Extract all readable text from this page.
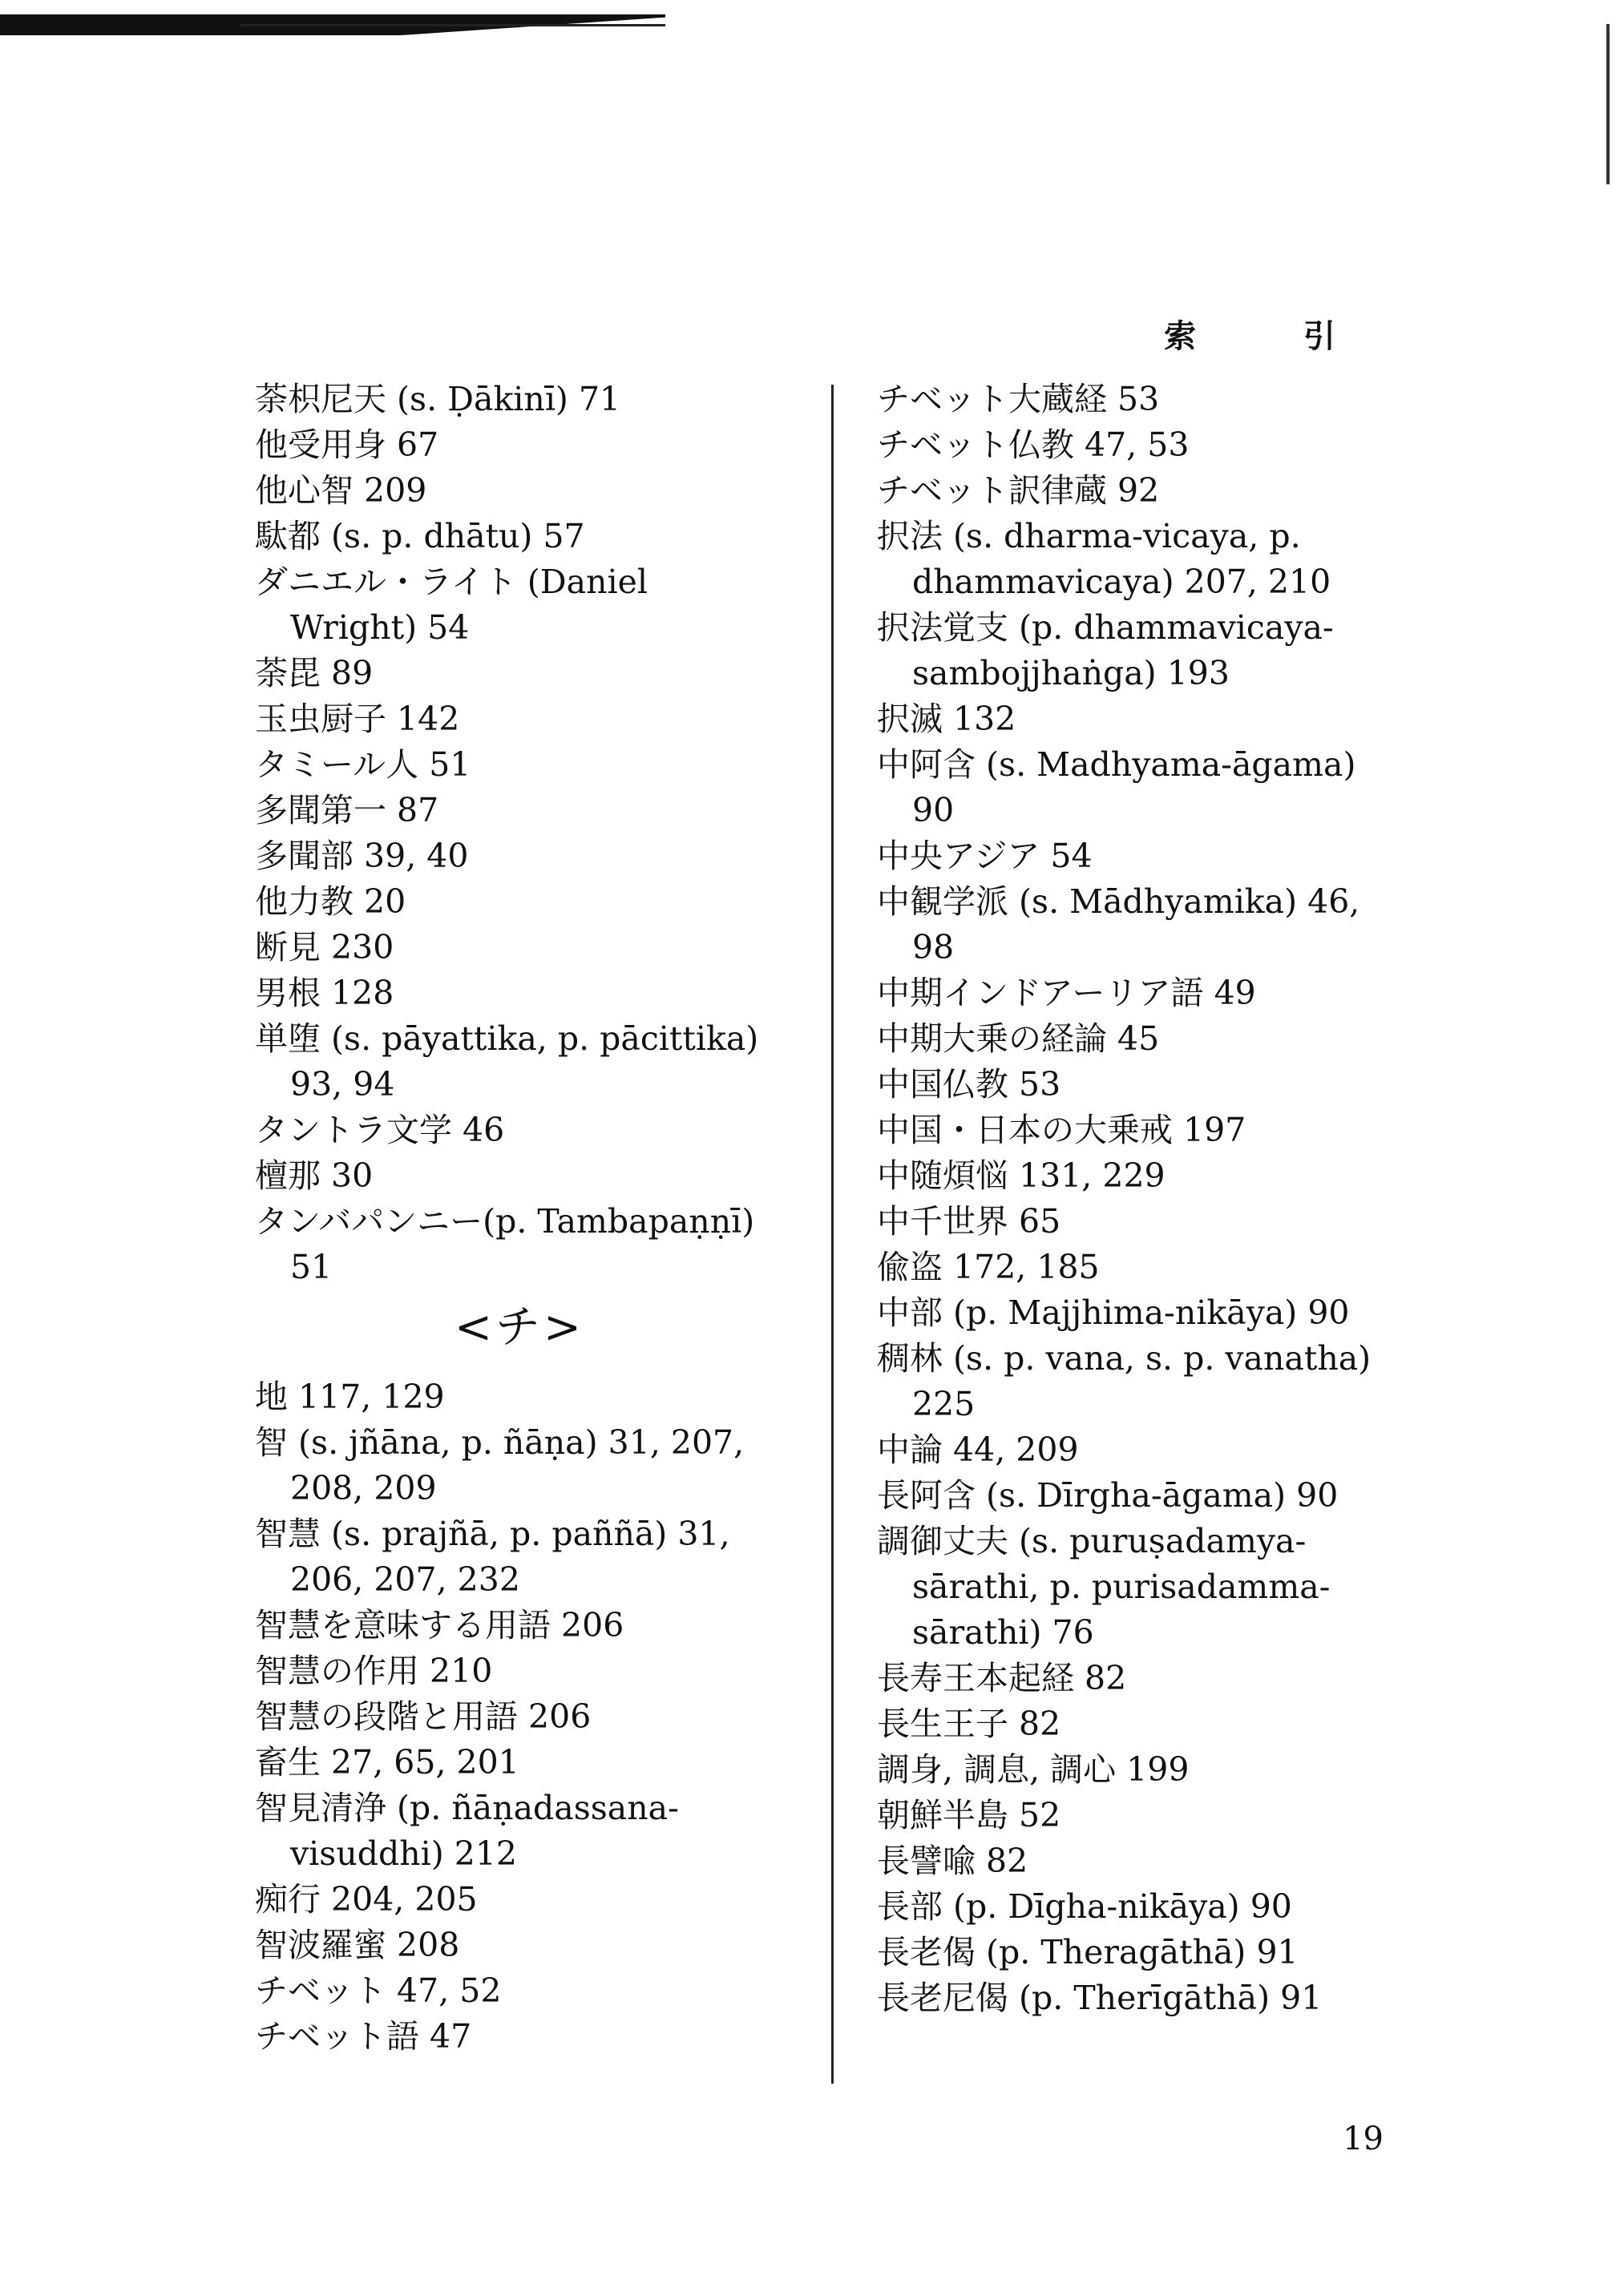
索 引

荼枳尼天 (s. Ḍākinī) 71

他受用身 67

他心智 209

駄都 (s. p. dhātu) 57

ダニエル・ライト (Daniel Wright) 54

荼毘 89

玉虫厨子 142

タミール人 51

多聞第一 87

多聞部 39, 40

他力教 20

断見 230

男根 128

単堕 (s. pāyattika, p. pācittika) 93, 94

タントラ文学 46

檀那 30

タンバパンニー(p. Tambapaṇṇī) 51

<チ>

地 117, 129

智 (s. jñāna, p. ñāṇa) 31, 207, 208, 209

智慧 (s. prajñā, p. paññā) 31, 206, 207, 232

智慧を意味する用語 206

智慧の作用 210

智慧の段階と用語 206

畜生 27, 65, 201

智見清浄 (p. ñāṇadassana-visuddhi) 212

痴行 204, 205

智波羅蜜 208

チベット 47, 52

チベット語 47

チベット大蔵経 53

チベット仏教 47, 53

チベット訳律蔵 92

択法 (s. dharma-vicaya, p. dhammavicaya) 207, 210

択法覚支 (p. dhammavicaya-sambojjhaṅga) 193

択滅 132

中阿含 (s. Madhyama-āgama) 90

中央アジア 54

中観学派 (s. Mādhyamika) 46, 98

中期インドアーリア語 49

中期大乗の経論 45

中国仏教 53

中国・日本の大乗戒 197

中随煩悩 131, 229

中千世界 65

偸盗 172, 185

中部 (p. Majjhima-nikāya) 90

稠林 (s. p. vana, s. p. vanatha) 225

中論 44, 209

長阿含 (s. Dīrgha-āgama) 90

調御丈夫 (s. puruṣadamya-sārathi, p. purisadamma-sārathi) 76

長寿王本起経 82

長生王子 82

調身, 調息, 調心 199

朝鮮半島 52

長譬喩 82

長部 (p. Dīgha-nikāya) 90

長老偈 (p. Theragāthā) 91

長老尼偈 (p. Therīgāthā) 91

19
